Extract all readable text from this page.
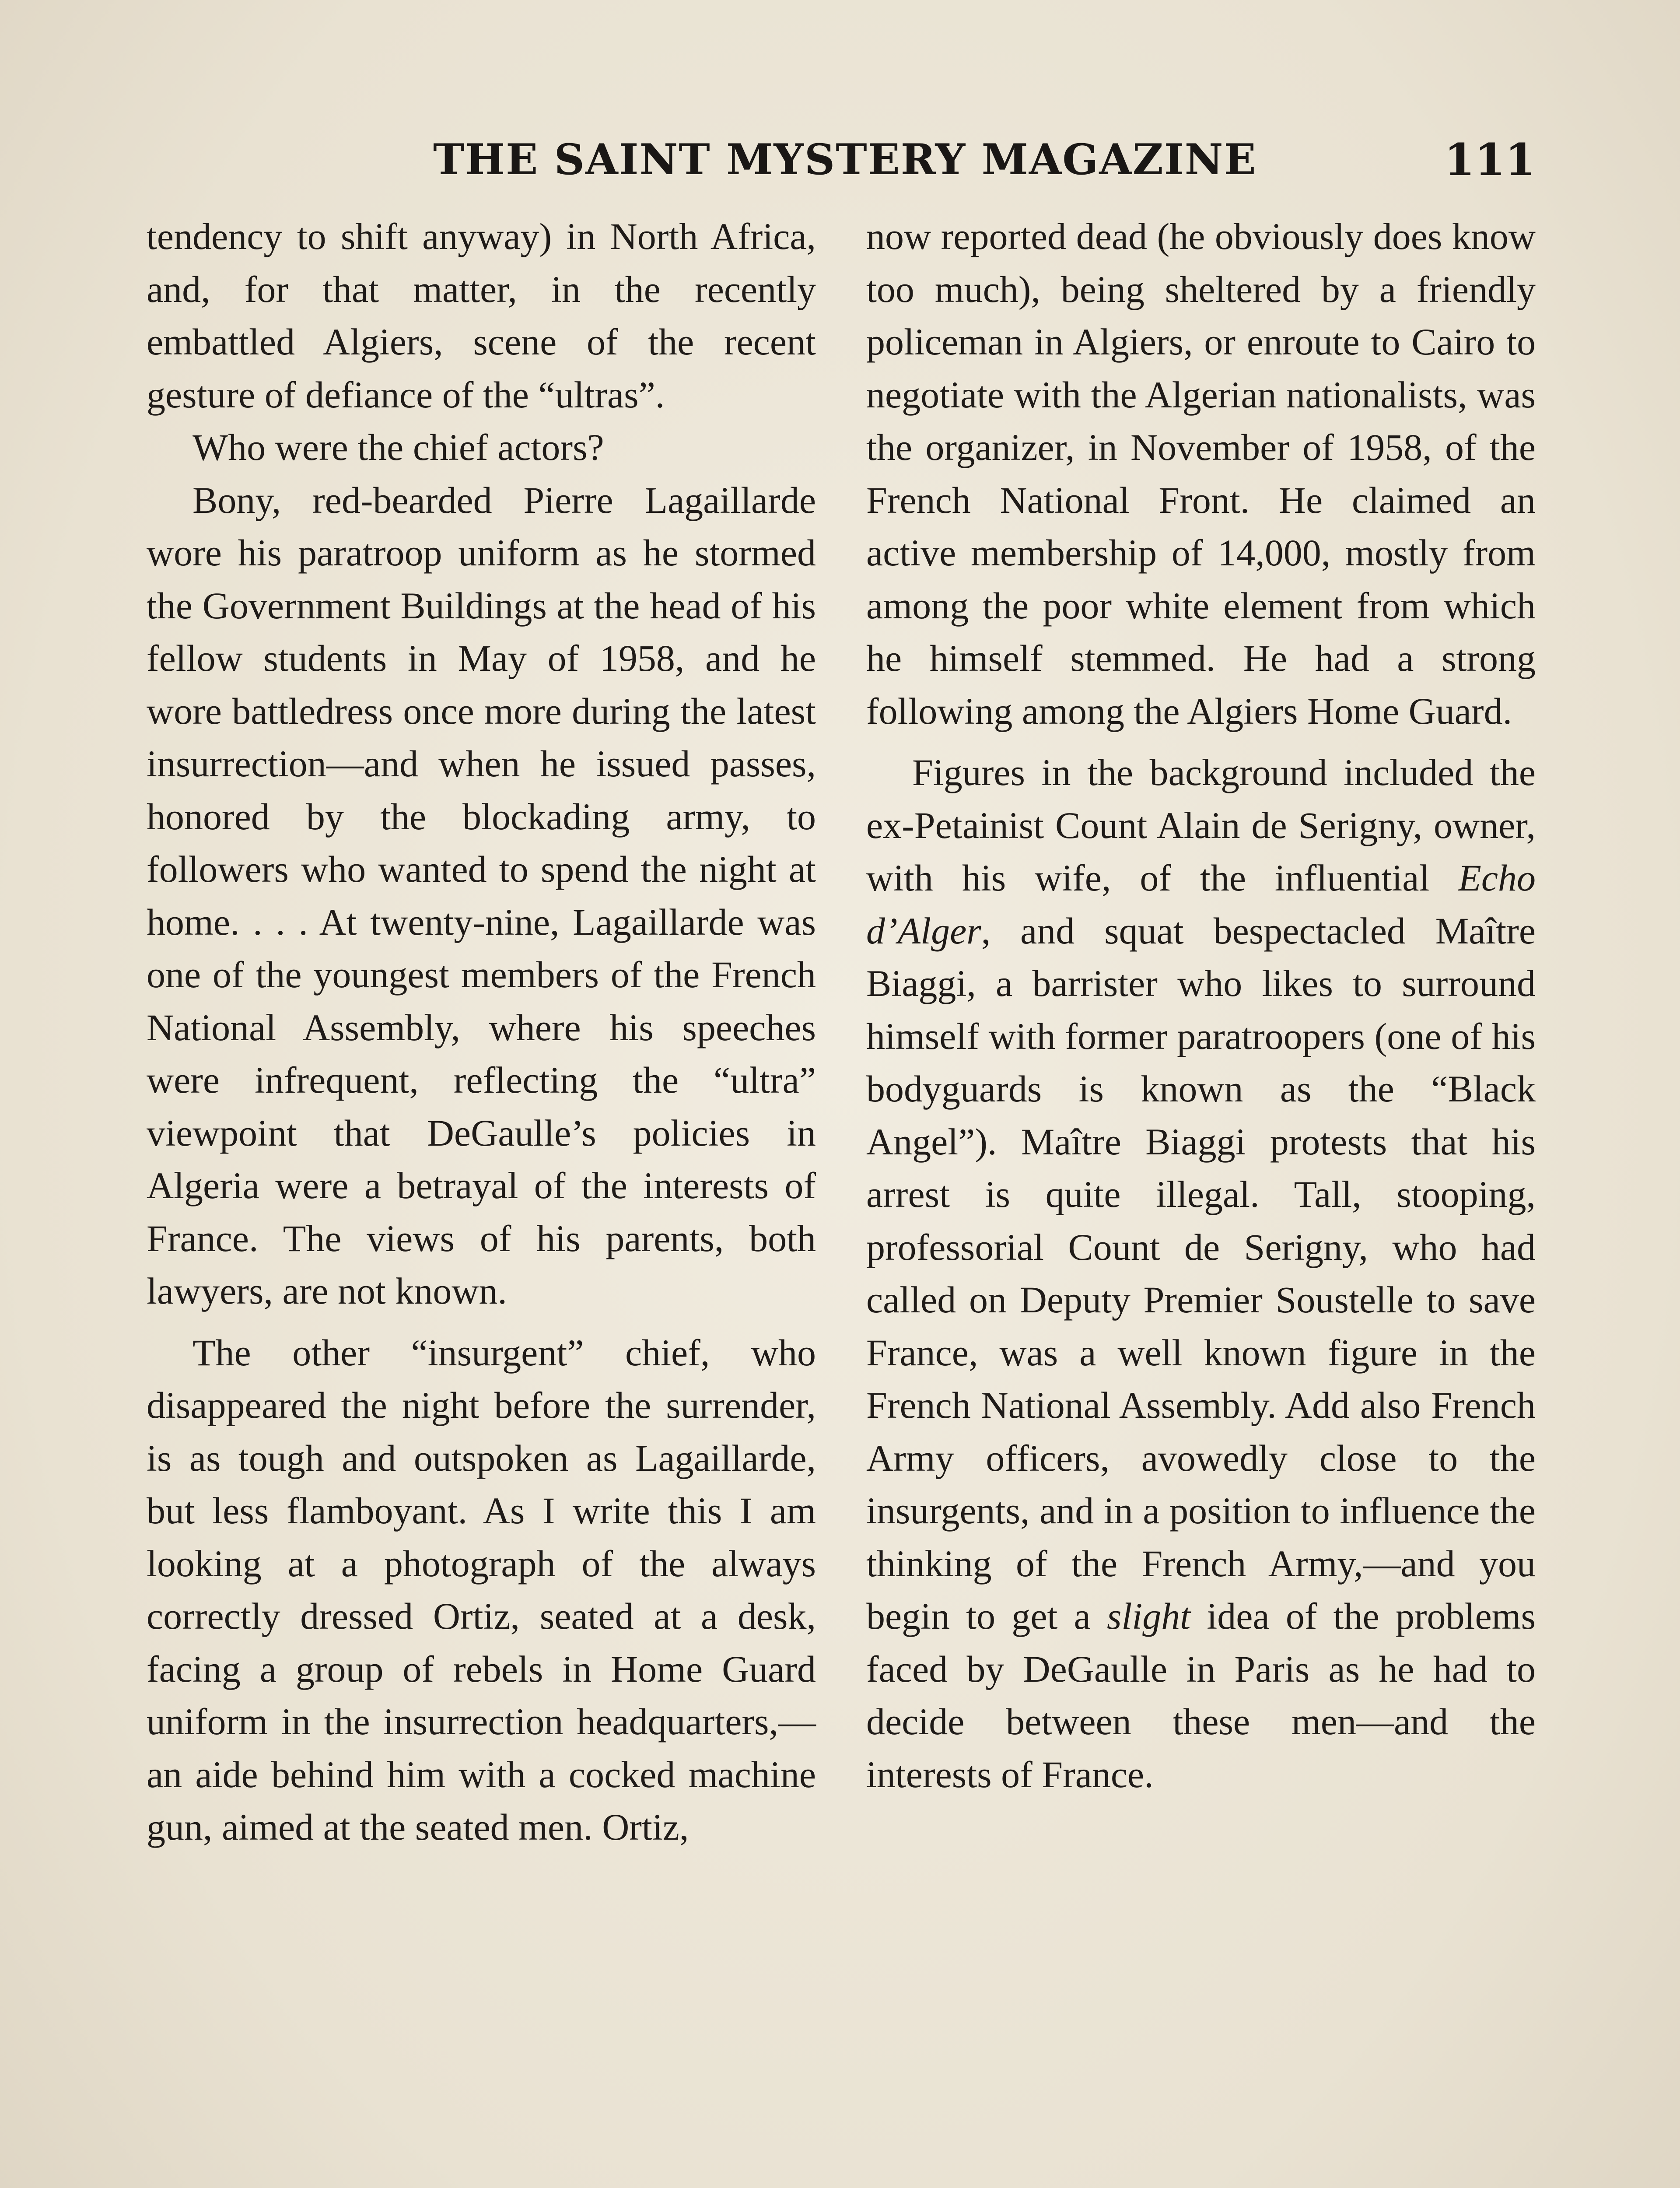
THE SAINT MYSTERY MAGAZINE	111

tendency to shift anyway) in North Africa, and, for that matter, in the recently embattled Algiers, scene of the recent gesture of defiance of the “ultras”.

Who were the chief actors?

Bony, red-bearded Pierre Lagaillarde wore his paratroop uniform as he stormed the Government Buildings at the head of his fellow students in May of 1958, and he wore battledress once more during the latest insurrection—and when he issued passes, honored by the blockading army, to followers who wanted to spend the night at home. . . . At twenty-nine, Lagaillarde was one of the youngest members of the French National Assembly, where his speeches were infrequent, reflecting the “ultra” viewpoint that DeGaulle’s policies in Algeria were a betrayal of the interests of France. The views of his parents, both lawyers, are not known.

The other “insurgent” chief, who disappeared the night before the surrender, is as tough and outspoken as Lagaillarde, but less flamboyant. As I write this I am looking at a photograph of the always correctly dressed Ortiz, seated at a desk, facing a group of rebels in Home Guard uniform in the insurrection headquarters,—an aide behind him with a cocked machine gun, aimed at the seated men. Ortiz,

now reported dead (he obviously does know too much), being sheltered by a friendly policeman in Algiers, or enroute to Cairo to negotiate with the Algerian nationalists, was the organizer, in November of 1958, of the French National Front. He claimed an active membership of 14,000, mostly from among the poor white element from which he himself stemmed. He had a strong following among the Algiers Home Guard.

Figures in the background included the ex-Petainist Count Alain de Serigny, owner, with his wife, of the influential Echo d’Alger, and squat bespectacled Maître Biaggi, a barrister who likes to surround himself with former paratroopers (one of his bodyguards is known as the “Black Angel”). Maître Biaggi protests that his arrest is quite illegal. Tall, stooping, professorial Count de Serigny, who had called on Deputy Premier Soustelle to save France, was a well known figure in the French National Assembly. Add also French Army officers, avowedly close to the insurgents, and in a position to influence the thinking of the French Army,—and you begin to get a slight idea of the problems faced by DeGaulle in Paris as he had to decide between these men—and the interests of France.
